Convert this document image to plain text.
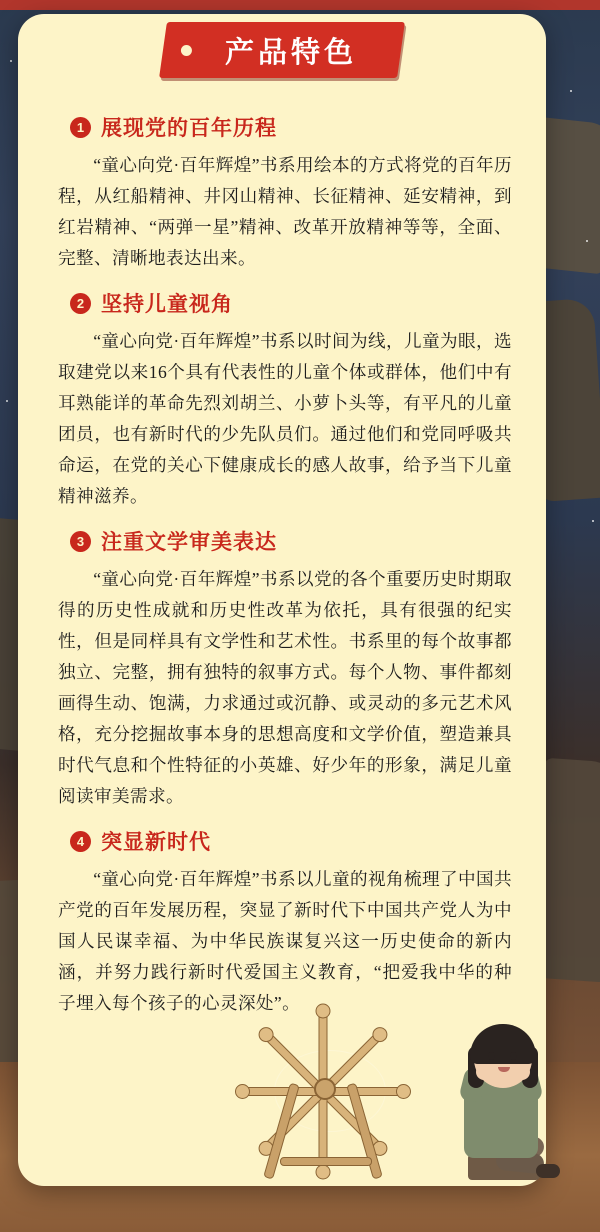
产品特色
1 展现党的百年历程

“童心向党·百年辉煌”书系用绘本的方式将党的百年历程，从红船精神、井冈山精神、长征精神、延安精神，到红岩精神、“两弹一星”精神、改革开放精神等等，全面、完整、清晰地表达出来。

2 坚持儿童视角

“童心向党·百年辉煌”书系以时间为线，儿童为眼，选取建党以来16个具有代表性的儿童个体或群体，他们中有耳熟能详的革命先烈刘胡兰、小萝卜头等，有平凡的儿童团员，也有新时代的少先队员们。通过他们和党同呼吸共命运，在党的关心下健康成长的感人故事，给予当下儿童精神滋养。

3 注重文学审美表达

“童心向党·百年辉煌”书系以党的各个重要历史时期取得的历史性成就和历史性改革为依托，具有很强的纪实性，但是同样具有文学性和艺术性。书系里的每个故事都独立、完整，拥有独特的叙事方式。每个人物、事件都刻画得生动、饱满，力求通过或沉静、或灵动的多元艺术风格，充分挖掘故事本身的思想高度和文学价值，塑造兼具时代气息和个性特征的小英雄、好少年的形象，满足儿童阅读审美需求。

4 突显新时代

“童心向党·百年辉煌”书系以儿童的视角梳理了中国共产党的百年发展历程，突显了新时代下中国共产党人为中国人民谋幸福、为中华民族谋复兴这一历史使命的新内涵，并努力践行新时代爱国主义教育，“把爱我中华的种子埋入每个孩子的心灵深处”。
